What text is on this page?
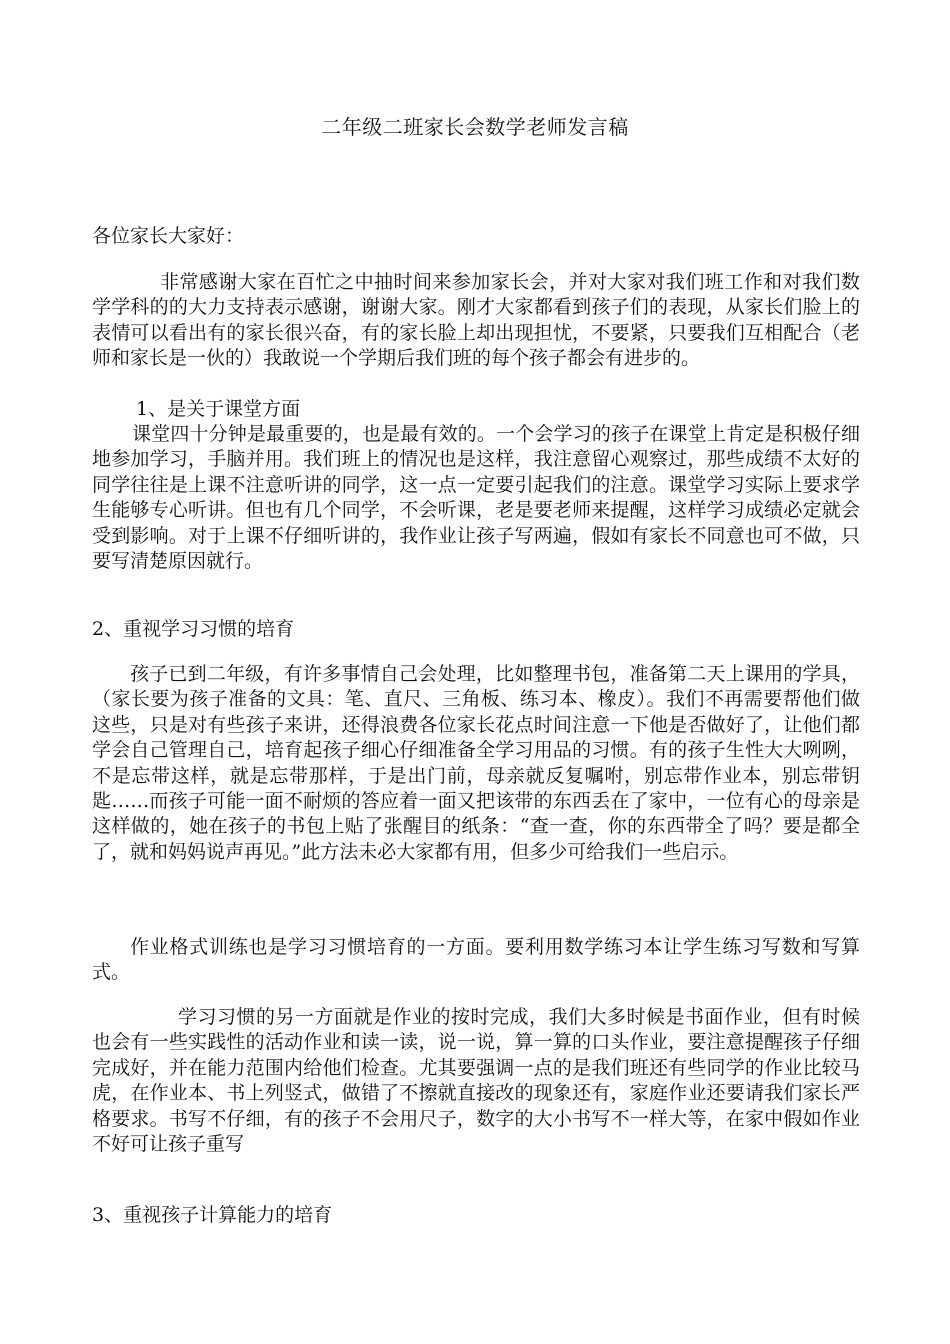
二年级二班家长会数学老师发言稿
各位家长大家好：

非常感谢大家在百忙之中抽时间来参加家长会，并对大家对我们班工作和对我们数学学科的的大力支持表示感谢，谢谢大家。刚才大家都看到孩子们的表现，从家长们脸上的表情可以看出有的家长很兴奋，有的家长脸上却出现担忧，不要紧，只要我们互相配合（老师和家长是一伙的）我敢说一个学期后我们班的每个孩子都会有进步的。

1、是关于课堂方面

课堂四十分钟是最重要的，也是最有效的。一个会学习的孩子在课堂上肯定是积极仔细地参加学习，手脑并用。我们班上的情况也是这样，我注意留心观察过，那些成绩不太好的同学往往是上课不注意听讲的同学，这一点一定要引起我们的注意。课堂学习实际上要求学生能够专心听讲。但也有几个同学，不会听课，老是要老师来提醒，这样学习成绩必定就会受到影响。对于上课不仔细听讲的，我作业让孩子写两遍，假如有家长不同意也可不做，只要写清楚原因就行。

2、重视学习习惯的培育

孩子已到二年级，有许多事情自己会处理，比如整理书包，准备第二天上课用的学具，（家长要为孩子准备的文具：笔、直尺、三角板、练习本、橡皮）。我们不再需要帮他们做这些，只是对有些孩子来讲，还得浪费各位家长花点时间注意一下他是否做好了，让他们都学会自己管理自己，培育起孩子细心仔细准备全学习用品的习惯。有的孩子生性大大咧咧，不是忘带这样，就是忘带那样，于是出门前，母亲就反复嘱咐，别忘带作业本，别忘带钥匙……而孩子可能一面不耐烦的答应着一面又把该带的东西丢在了家中，一位有心的母亲是这样做的，她在孩子的书包上贴了张醒目的纸条：“查一查，你的东西带全了吗？要是都全了，就和妈妈说声再见。”此方法未必大家都有用，但多少可给我们一些启示。

作业格式训练也是学习习惯培育的一方面。要利用数学练习本让学生练习写数和写算式。

学习习惯的另一方面就是作业的按时完成，我们大多时候是书面作业，但有时候也会有一些实践性的活动作业和读一读，说一说，算一算的口头作业，要注意提醒孩子仔细完成好，并在能力范围内给他们检查。尤其要强调一点的是我们班还有些同学的作业比较马虎，在作业本、书上列竖式，做错了不擦就直接改的现象还有，家庭作业还要请我们家长严格要求。书写不仔细，有的孩子不会用尺子，数字的大小书写不一样大等，在家中假如作业不好可让孩子重写

3、重视孩子计算能力的培育
